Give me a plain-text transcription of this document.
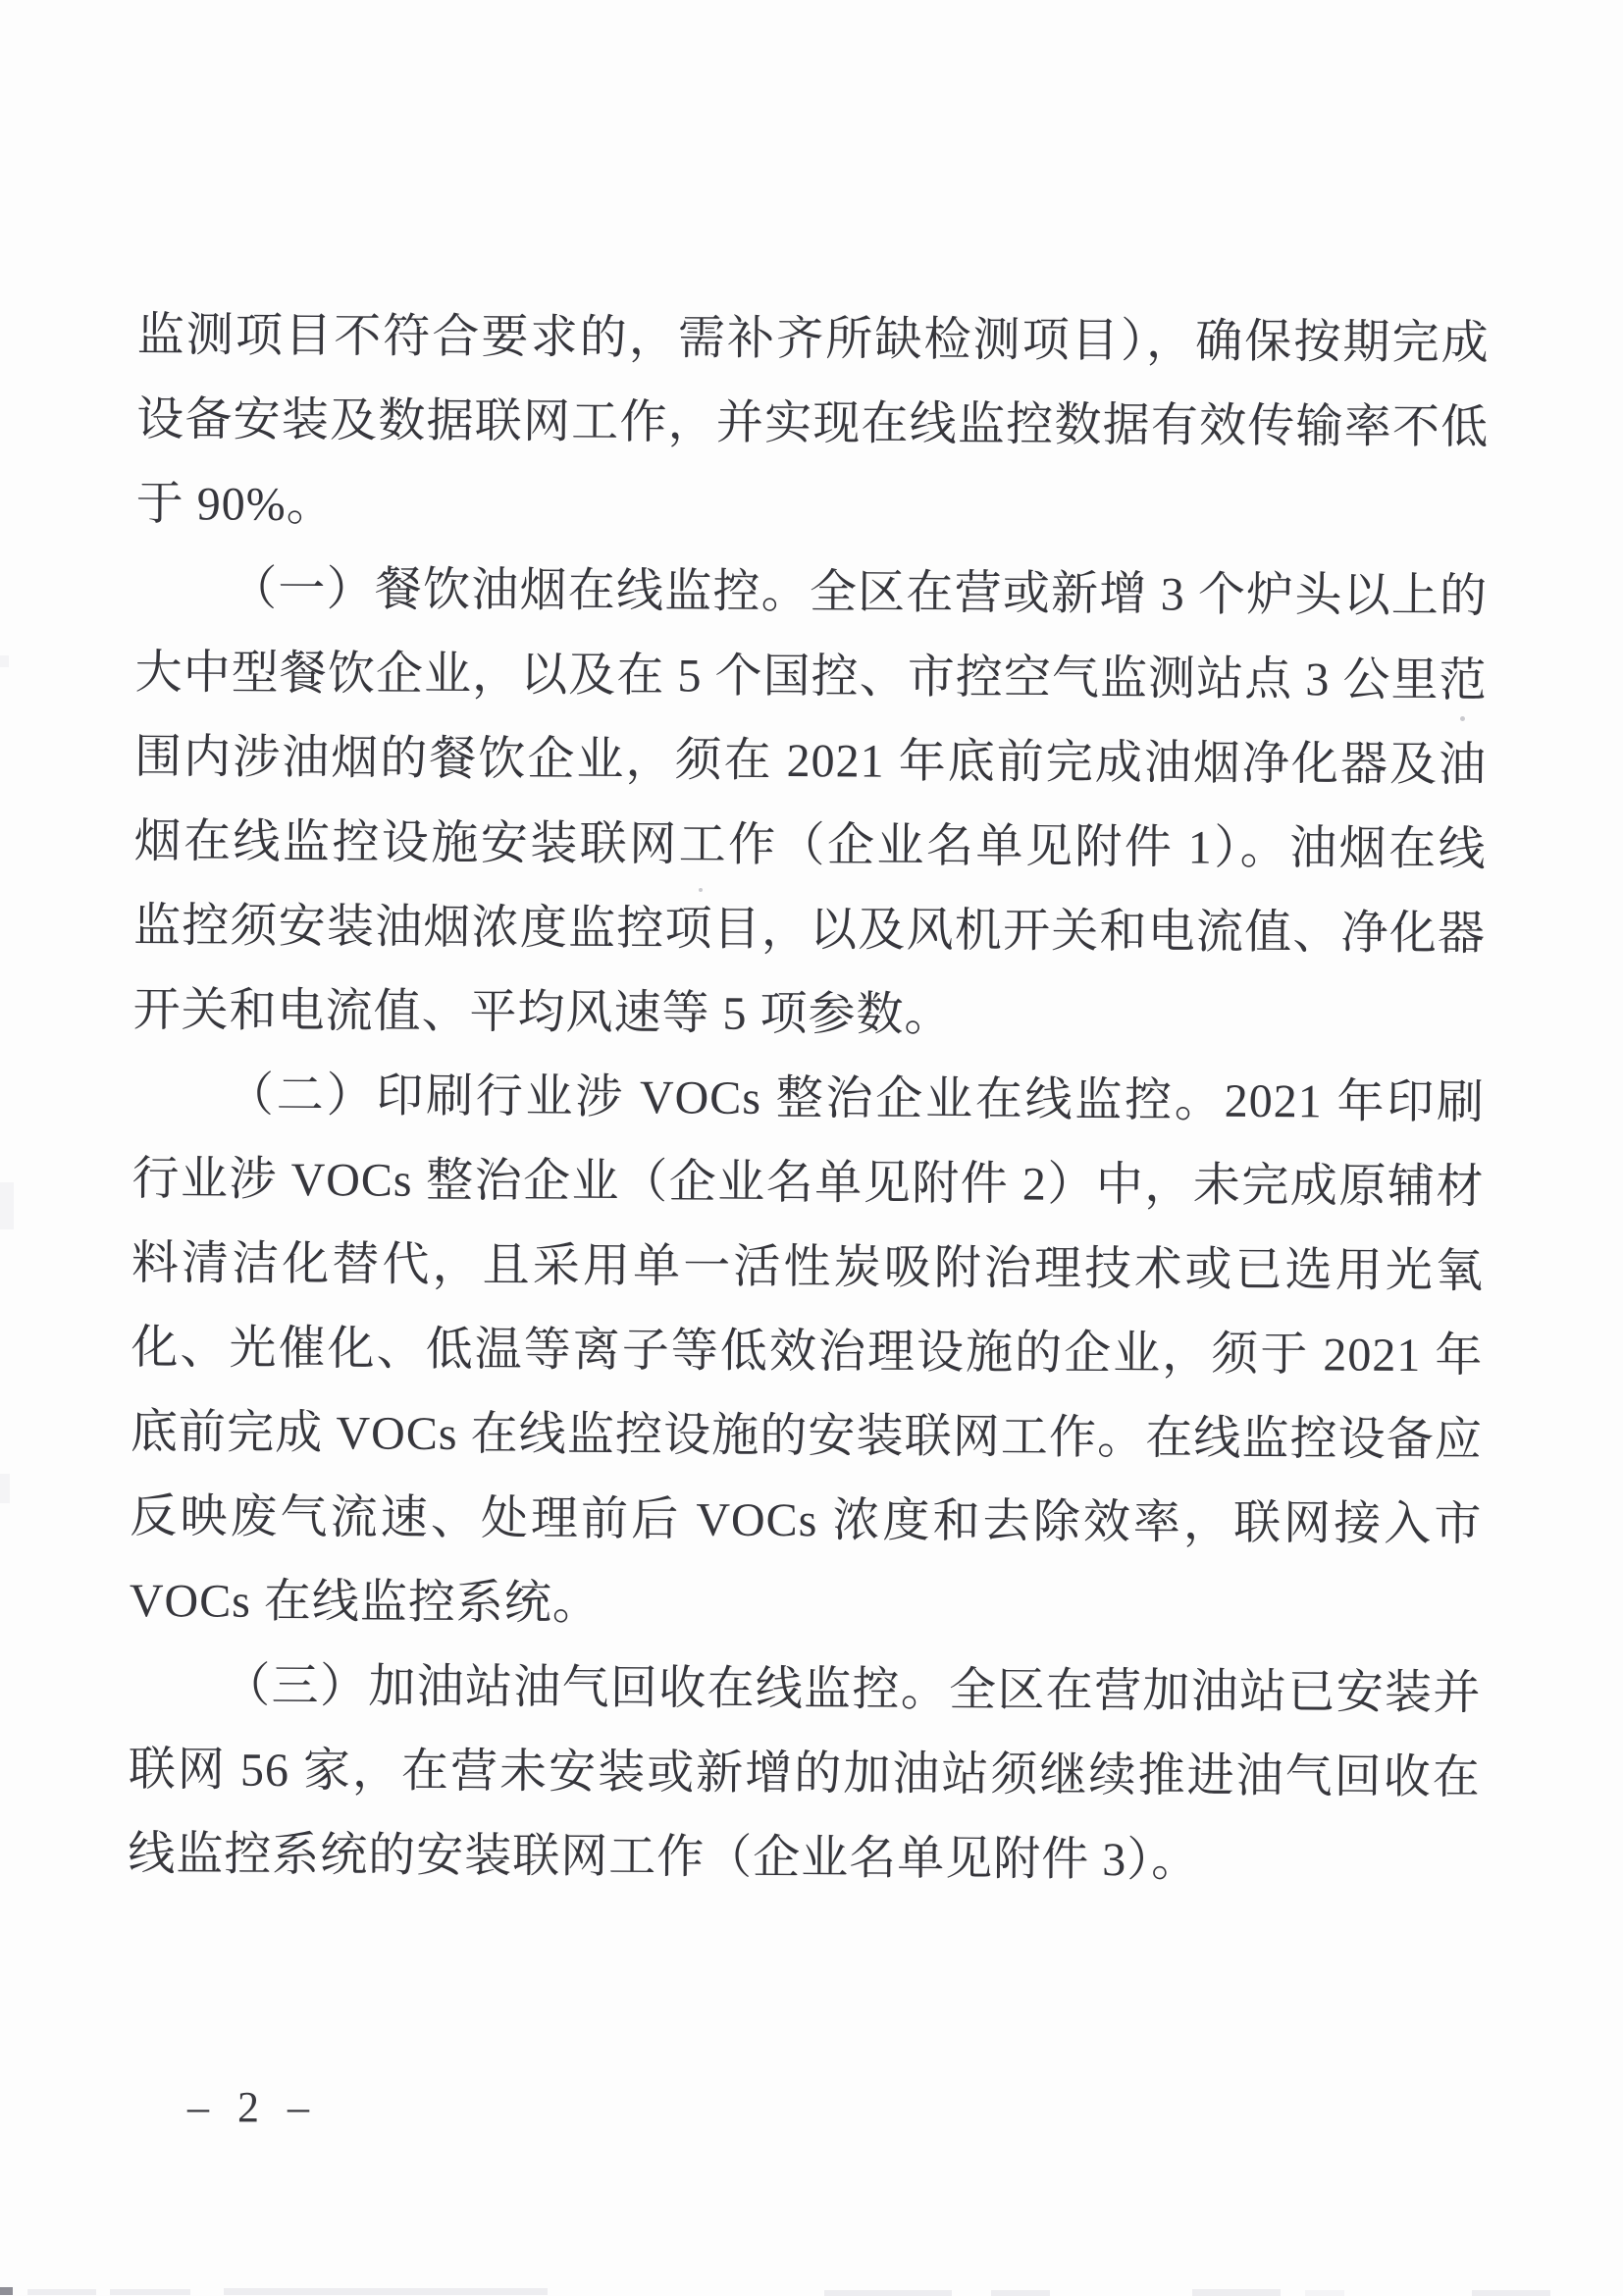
监测项目不符合要求的，需补齐所缺检测项目），确保按期完成设备安装及数据联网工作，并实现在线监控数据有效传输率不低于 90%。

（一）餐饮油烟在线监控。全区在营或新增 3 个炉头以上的大中型餐饮企业，以及在 5 个国控、市控空气监测站点 3 公里范围内涉油烟的餐饮企业，须在 2021 年底前完成油烟净化器及油烟在线监控设施安装联网工作（企业名单见附件 1）。油烟在线监控须安装油烟浓度监控项目，以及风机开关和电流值、净化器开关和电流值、平均风速等 5 项参数。

（二）印刷行业涉 VOCs 整治企业在线监控。2021 年印刷行业涉 VOCs 整治企业（企业名单见附件 2）中，未完成原辅材料清洁化替代，且采用单一活性炭吸附治理技术或已选用光氧化、光催化、低温等离子等低效治理设施的企业，须于 2021 年底前完成 VOCs 在线监控设施的安装联网工作。在线监控设备应反映废气流速、处理前后 VOCs 浓度和去除效率，联网接入市 VOCs 在线监控系统。

（三）加油站油气回收在线监控。全区在营加油站已安装并联网 56 家，在营未安装或新增的加油站须继续推进油气回收在线监控系统的安装联网工作（企业名单见附件 3）。

– 2 –
